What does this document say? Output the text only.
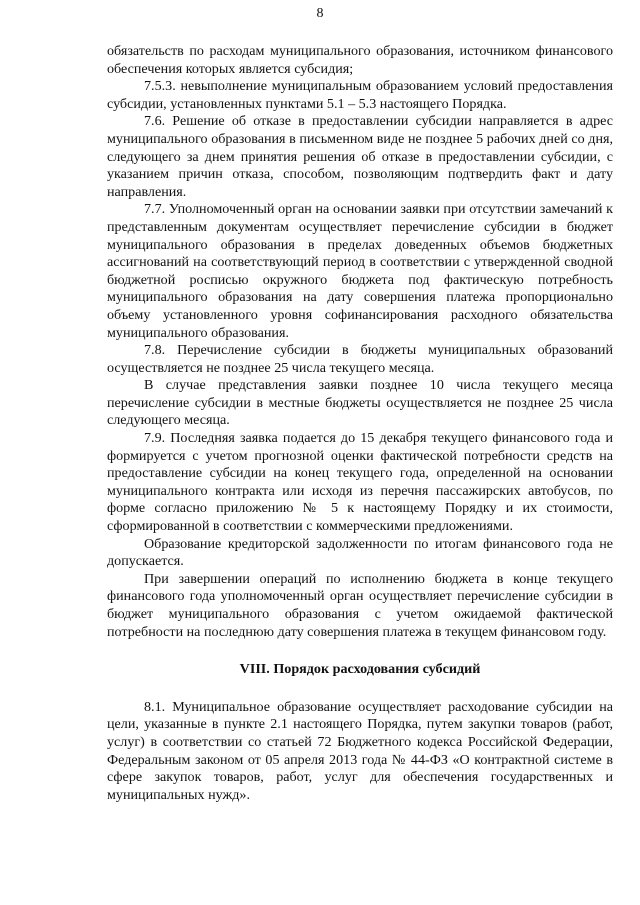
8

обязательств по расходам муниципального образования, источником финансового обеспечения которых является субсидия;

7.5.3. невыполнение муниципальным образованием условий предоставления субсидии, установленных пунктами 5.1 – 5.3 настоящего Порядка.

7.6. Решение об отказе в предоставлении субсидии направляется в адрес муниципального образования в письменном виде не позднее 5 рабочих дней со дня, следующего за днем принятия решения об отказе в предоставлении субсидии, с указанием причин отказа, способом, позволяющим подтвердить факт и дату направления.

7.7. Уполномоченный орган на основании заявки при отсутствии замечаний к представленным документам осуществляет перечисление субсидии в бюджет муниципального образования в пределах доведенных объемов бюджетных ассигнований на соответствующий период в соответствии с утвержденной сводной бюджетной росписью окружного бюджета под фактическую потребность муниципального образования на дату совершения платежа пропорционально объему установленного уровня софинансирования расходного обязательства муниципального образования.

7.8. Перечисление субсидии в бюджеты муниципальных образований осуществляется не позднее 25 числа текущего месяца.

В случае представления заявки позднее 10 числа текущего месяца перечисление субсидии в местные бюджеты осуществляется не позднее 25 числа следующего месяца.

7.9. Последняя заявка подается до 15 декабря текущего финансового года и формируется с учетом прогнозной оценки фактической потребности средств на предоставление субсидии на конец текущего года, определенной на основании муниципального контракта или исходя из перечня пассажирских автобусов, по форме согласно приложению № 5 к настоящему Порядку и их стоимости, сформированной в соответствии с коммерческими предложениями.

Образование кредиторской задолженности по итогам финансового года не допускается.

При завершении операций по исполнению бюджета в конце текущего финансового года уполномоченный орган осуществляет перечисление субсидии в бюджет муниципального образования с учетом ожидаемой фактической потребности на последнюю дату совершения платежа в текущем финансовом году.

VIII. Порядок расходования субсидий

8.1. Муниципальное образование осуществляет расходование субсидии на цели, указанные в пункте 2.1 настоящего Порядка, путем закупки товаров (работ, услуг) в соответствии со статьей 72 Бюджетного кодекса Российской Федерации, Федеральным законом от 05 апреля 2013 года № 44-ФЗ «О контрактной системе в сфере закупок товаров, работ, услуг для обеспечения государственных и муниципальных нужд».
